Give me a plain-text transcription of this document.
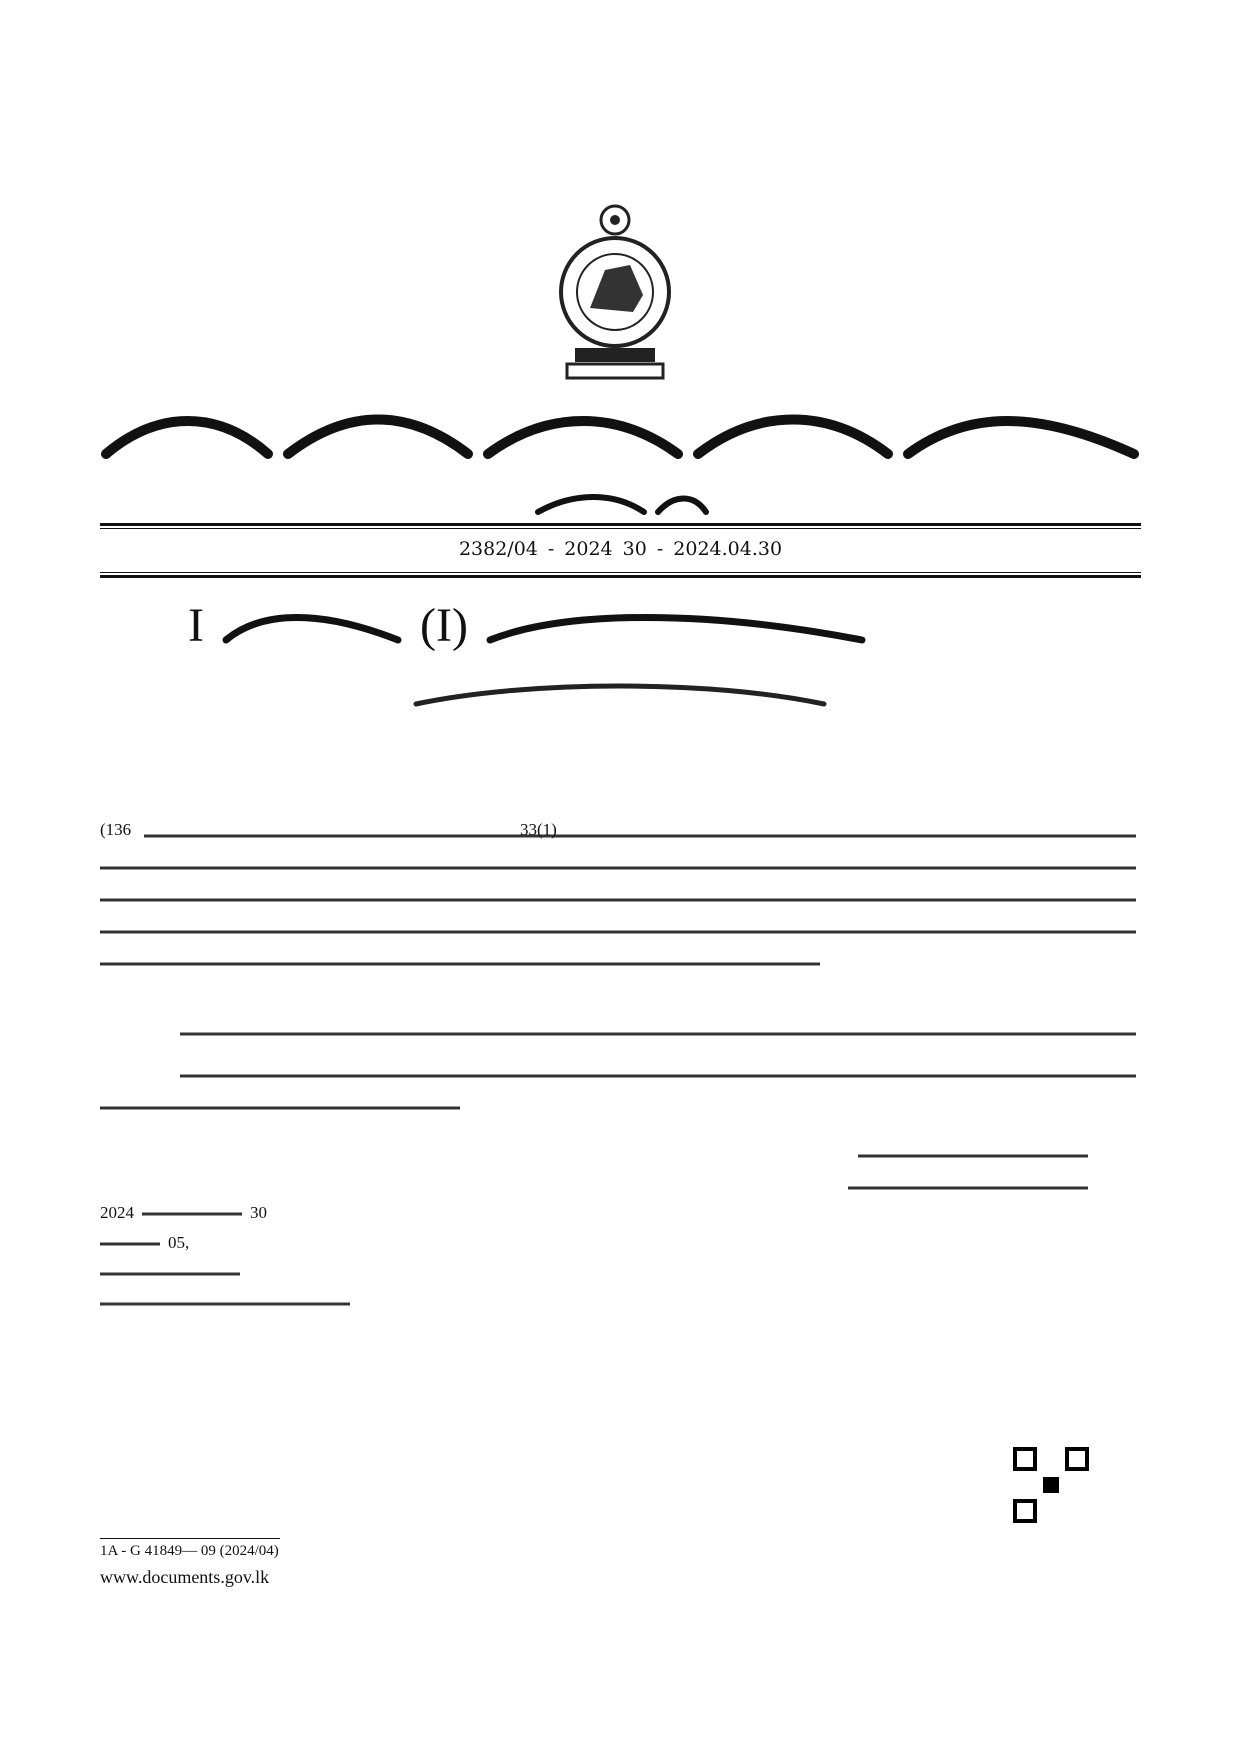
2382/04 - 2024 30 - 2024.04.30
I	(I)
(136	33(1)
2024	30
05,
1A - G 41849— 09 (2024/04)
www.documents.gov.lk
